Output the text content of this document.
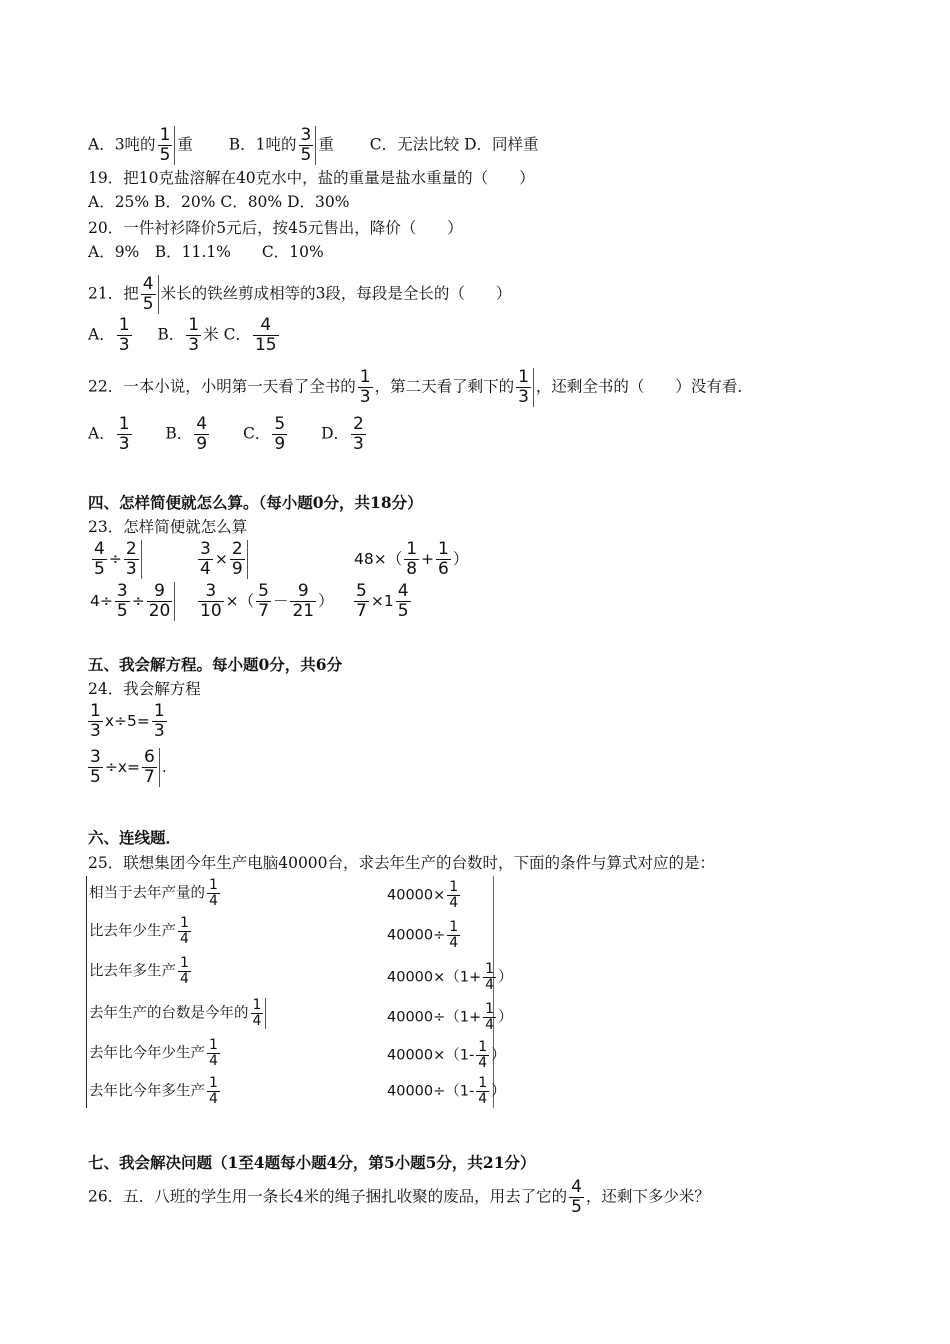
A．3吨的 $\frac{1}{5}$ 重 B．1吨的 $\frac{3}{5}$ 重 C．无法比较 D．同样重
19．把10克盐溶解在40克水中，盐的重量是盐水重量的（　　）
A．25% B．20% C．80% D．30%
20．一件衬衫降价5元后，按45元售出，降价（　　）
A．9%　B．11.1%　　C．10%
21．把 $\frac{4}{5}$ 米长的铁丝剪成相等的3段，每段是全长的（　　）
A． $\frac{1}{3}$ B． $\frac{1}{3}$ 米 C． $\frac{4}{15}$
22．一本小说，小明第一天看了全书的 $\frac{1}{3}$ ，第二天看了剩下的 $\frac{1}{3}$ ，还剩全书的（　　）没有看．
A． $\frac{1}{3}$ B． $\frac{4}{9}$ C． $\frac{5}{9}$ D． $\frac{2}{3}$
四、怎样简便就怎么算。（每小题0分，共18分）
23．怎样简便就怎么算
$\frac{4}{5} \div \frac{2}{3}$	$\frac{3}{4} \times \frac{2}{9}$	$48\times( \frac{1}{8} + \frac{1}{6}$ ）
$4\div \frac{3}{5} \div \frac{9}{20} \frac{3}{10}$ ×（ $\frac{5}{7} - \frac{9}{21}$ ） $\frac{5}{7} \times 1 \frac{4}{5}$
五、我会解方程。每小题0分，共6分
24．我会解方程
$\frac{1}{3} x\div 5= \frac{1}{3}$
$\frac{3}{5} \div x= \frac{6}{7}$ .
六、连线题．
25．联想集团今年生产电脑40000台，求去年生产的台数时，下面的条件与算式对应的是：
相当于去年产量的 $\frac{1}{4}$
比去年少生产 $\frac{1}{4}$
比去年多生产 $\frac{1}{4}$
去年生产的台数是今年的 $\frac{1}{4}$
去年比今年少生产 $\frac{1}{4}$
去年比今年多生产 $\frac{1}{4}$
$40000\times \frac{1}{4}$
$40000\div \frac{1}{4}$
$40000\times(1+ \frac{1}{4}$ ）
$40000\div(1+ \frac{1}{4}$ ）
$40000\times(1- \frac{1}{4}$ ）
$40000\div(1- \frac{1}{4}$ ）
七、我会解决问题（1至4题每小题4分，第5小题5分，共21分）
26．五．八班的学生用一条长4米的绳子捆扎收聚的废品，用去了它的 $\frac{4}{5}$ ，还剩下多少米？
